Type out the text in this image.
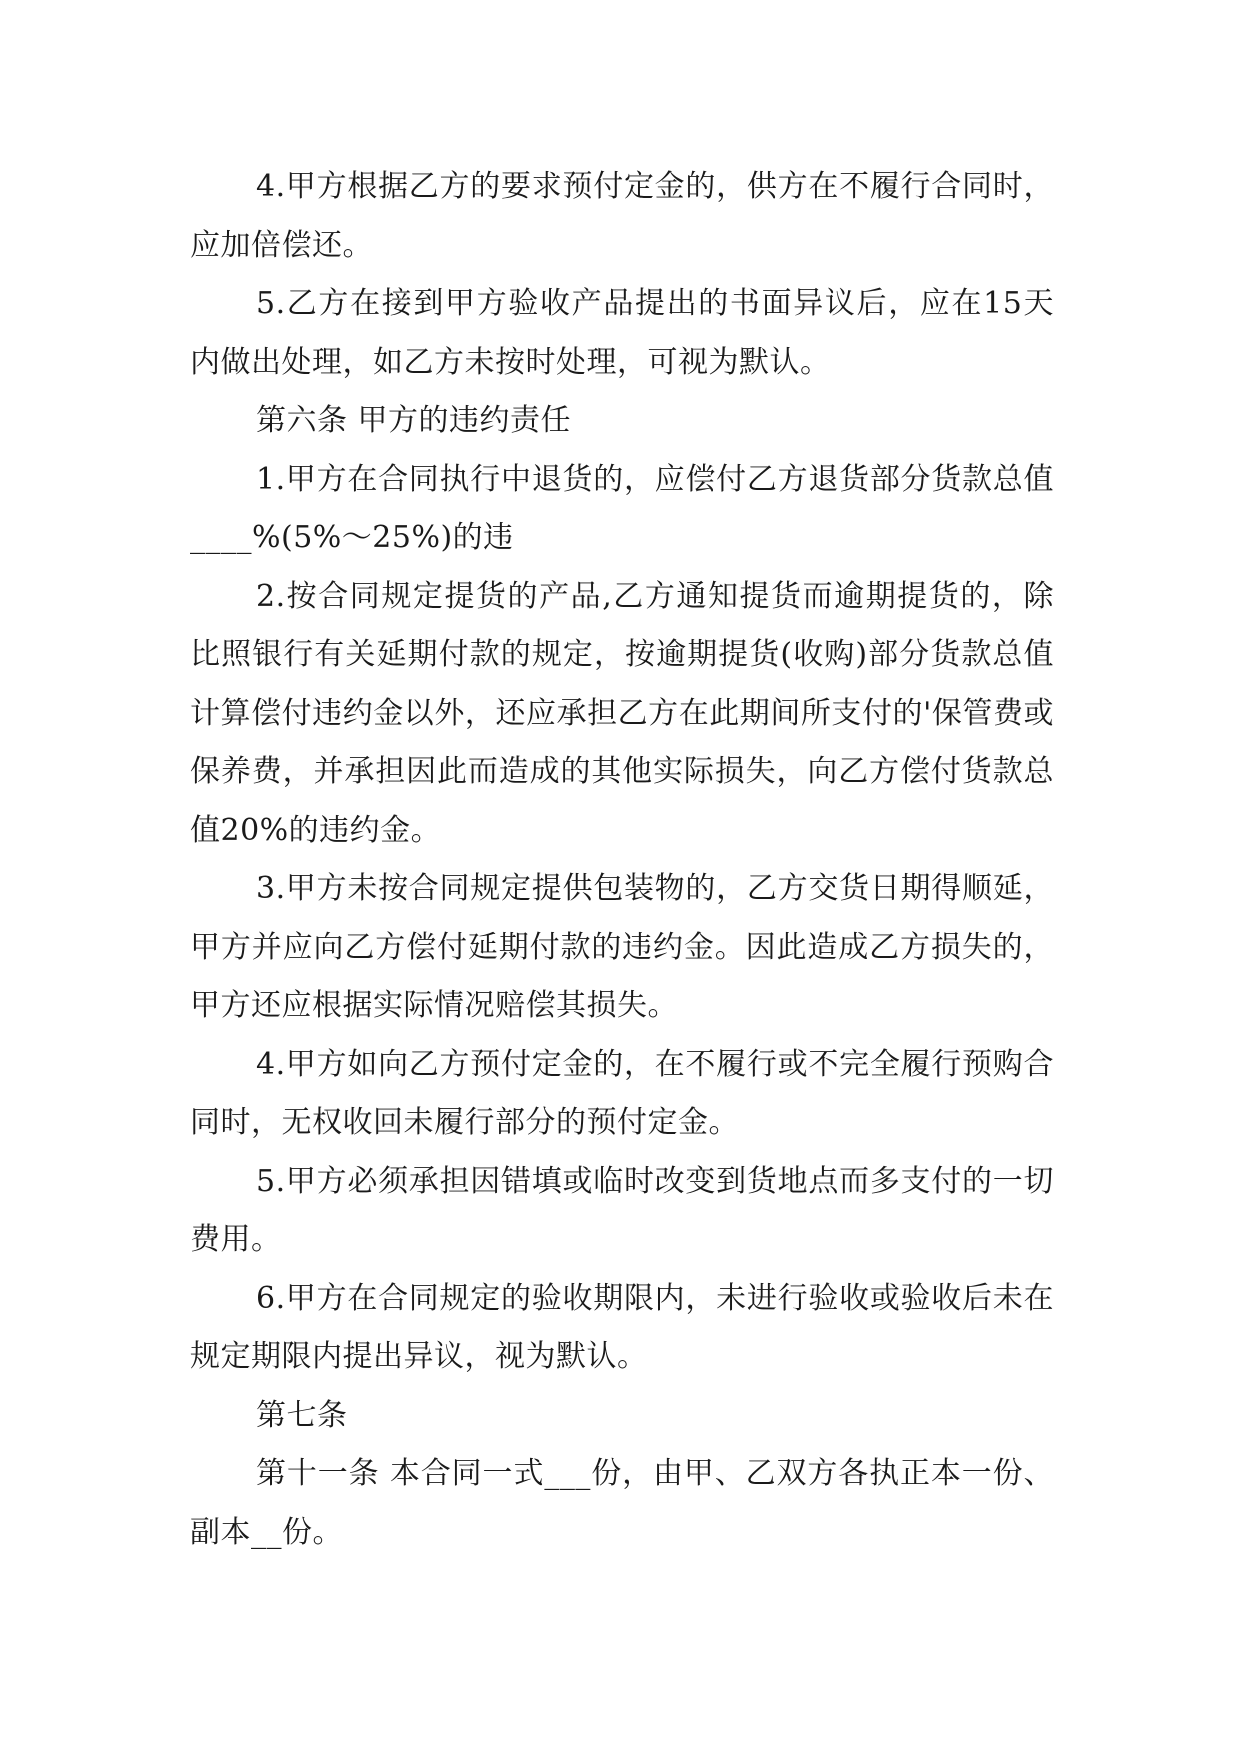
4.甲方根据乙方的要求预付定金的，供方在不履行合同时，应加倍偿还。

5.乙方在接到甲方验收产品提出的书面异议后，应在15天内做出处理，如乙方未按时处理，可视为默认。

第六条 甲方的违约责任

1.甲方在合同执行中退货的，应偿付乙方退货部分货款总值____%(5%～25%)的违

2.按合同规定提货的产品,乙方通知提货而逾期提货的，除比照银行有关延期付款的规定，按逾期提货(收购)部分货款总值计算偿付违约金以外，还应承担乙方在此期间所支付的'保管费或保养费，并承担因此而造成的其他实际损失，向乙方偿付货款总值20%的违约金。

3.甲方未按合同规定提供包装物的，乙方交货日期得顺延，甲方并应向乙方偿付延期付款的违约金。因此造成乙方损失的，甲方还应根据实际情况赔偿其损失。

4.甲方如向乙方预付定金的，在不履行或不完全履行预购合同时，无权收回未履行部分的预付定金。

5.甲方必须承担因错填或临时改变到货地点而多支付的一切费用。

6.甲方在合同规定的验收期限内，未进行验收或验收后未在规定期限内提出异议，视为默认。

第七条

第十一条 本合同一式___份，由甲、乙双方各执正本一份、副本__份。
